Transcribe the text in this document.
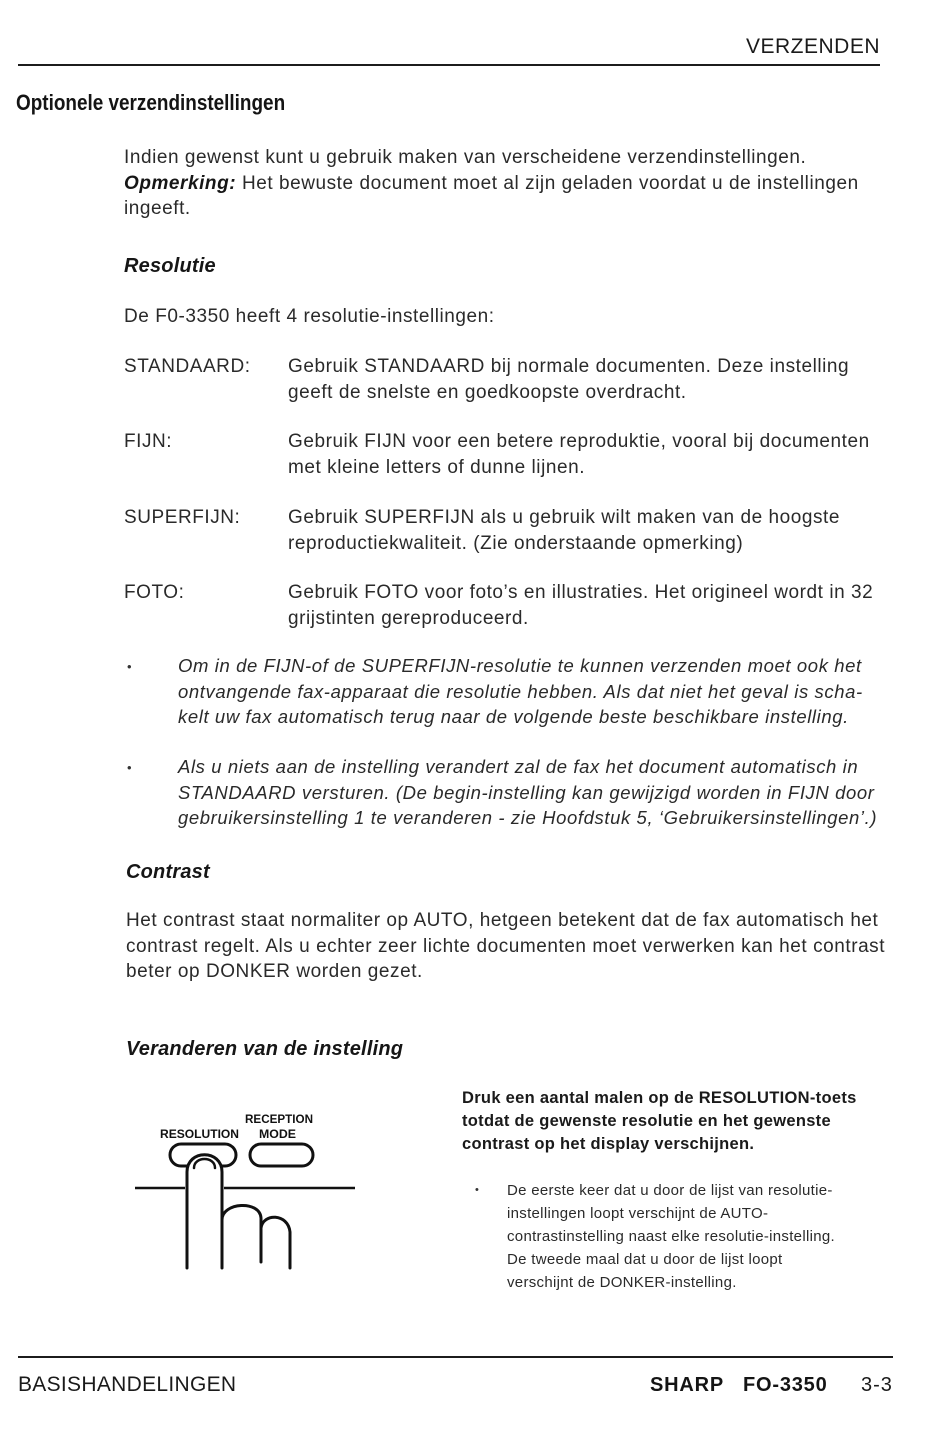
VERZENDEN
Optionele verzendinstellingen
Indien gewenst kunt u gebruik maken van verscheidene verzendinstellingen.
Opmerking: Het bewuste document moet al zijn geladen voordat u de instellingen
ingeeft.
Resolutie
De F0-3350 heeft 4 resolutie-instellingen:
STANDAARD: Gebruik STANDAARD bij normale documenten. Deze instelling
geeft de snelste en goedkoopste overdracht.
FIJN:	Gebruik FIJN voor een betere reproduktie, vooral bij documenten
met kleine letters of dunne lijnen.
SUPERFIJN:	Gebruik SUPERFIJN als u gebruik wilt maken van de hoogste
reproductiekwaliteit. (Zie onderstaande opmerking)
FOTO:	Gebruik FOTO voor foto’s en illustraties. Het origineel wordt in 32
grijstinten gereproduceerd.
•	Om in de FIJN-of de SUPERFIJN-resolutie te kunnen verzenden moet ook het
ontvangende fax-apparaat die resolutie hebben. Als dat niet het geval is scha-
kelt uw fax automatisch terug naar de volgende beste beschikbare instelling.
•	Als u niets aan de instelling verandert zal de fax het document automatisch in
STANDAARD versturen. (De begin-instelling kan gewijzigd worden in FIJN door
gebruikersinstelling 1 te veranderen - zie Hoofdstuk 5, ‘Gebruikersinstellingen’.)
Contrast
Het contrast staat normaliter op AUTO, hetgeen betekent dat de fax automatisch het
contrast regelt. Als u echter zeer lichte documenten moet verwerken kan het contrast
beter op DONKER worden gezet.
Veranderen van de instelling
RECEPTION
MODE
RESOLUTION
Druk een aantal malen op de RESOLUTION-toets
totdat de gewenste resolutie en het gewenste
contrast op het display verschijnen.
• De eerste keer dat u door de lijst van resolutie-
instellingen loopt verschijnt de AUTO-
contrastinstelling naast elke resolutie-instelling.
De tweede maal dat u door de lijst loopt
verschijnt de DONKER-instelling.
BASISHANDELINGEN	SHARP FO-3350 3-3
